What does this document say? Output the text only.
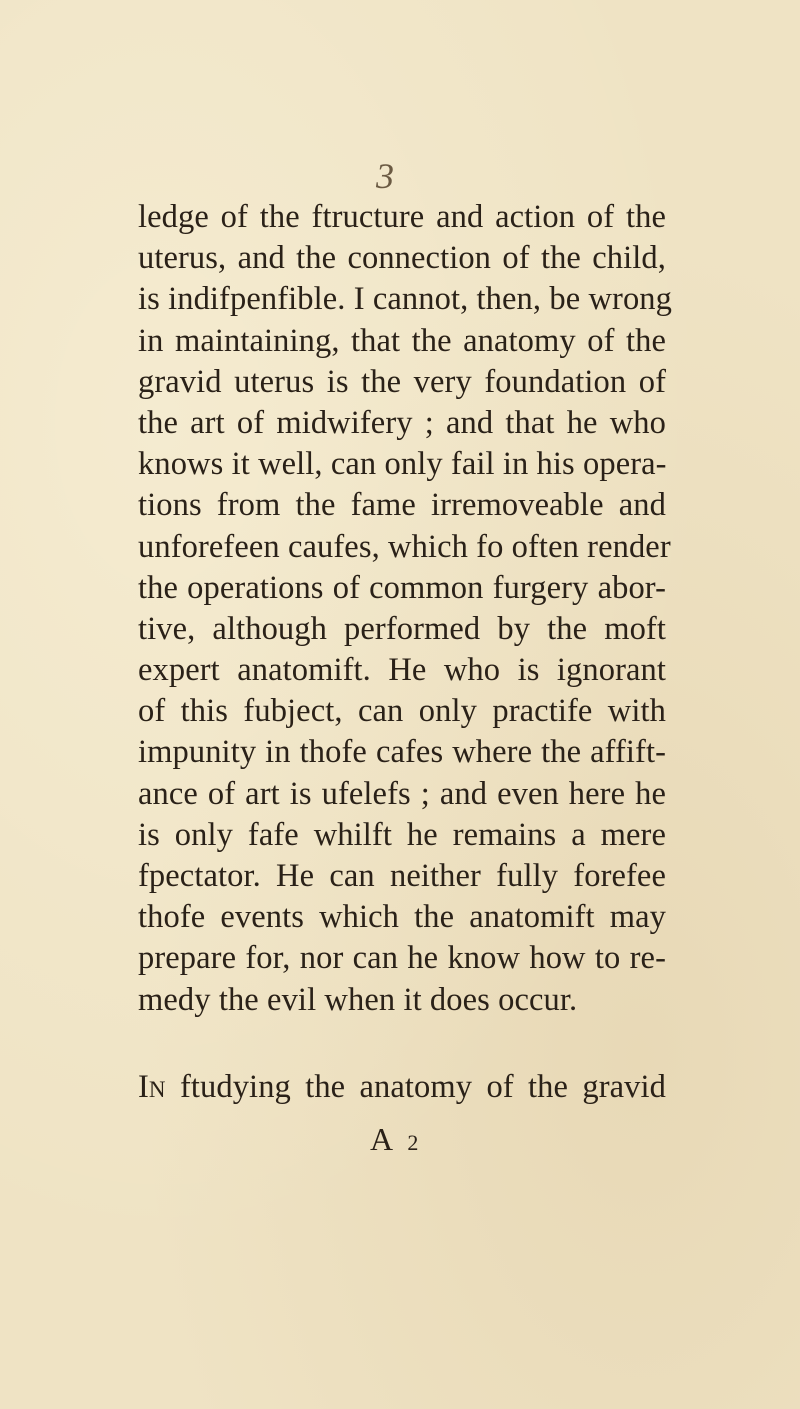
3
ledge of the ftructure and action of the
uterus, and the connection of the child,
is indifpenfible. I cannot, then, be wrong
in maintaining, that the anatomy of the
gravid uterus is the very foundation of
the art of midwifery ; and that he who
knows it well, can only fail in his opera-
tions from the fame irremoveable and
unforefeen caufes, which fo often render
the operations of common furgery abor-
tive, although performed by the moft
expert anatomift. He who is ignorant
of this fubject, can only practife with
impunity in thofe cafes where the affift-
ance of art is ufelefs ; and even here he
is only fafe whilft he remains a mere
fpectator. He can neither fully forefee
thofe events which the anatomift may
prepare for, nor can he know how to re-
medy the evil when it does occur.
In ftudying the anatomy of the gravid
A 2
